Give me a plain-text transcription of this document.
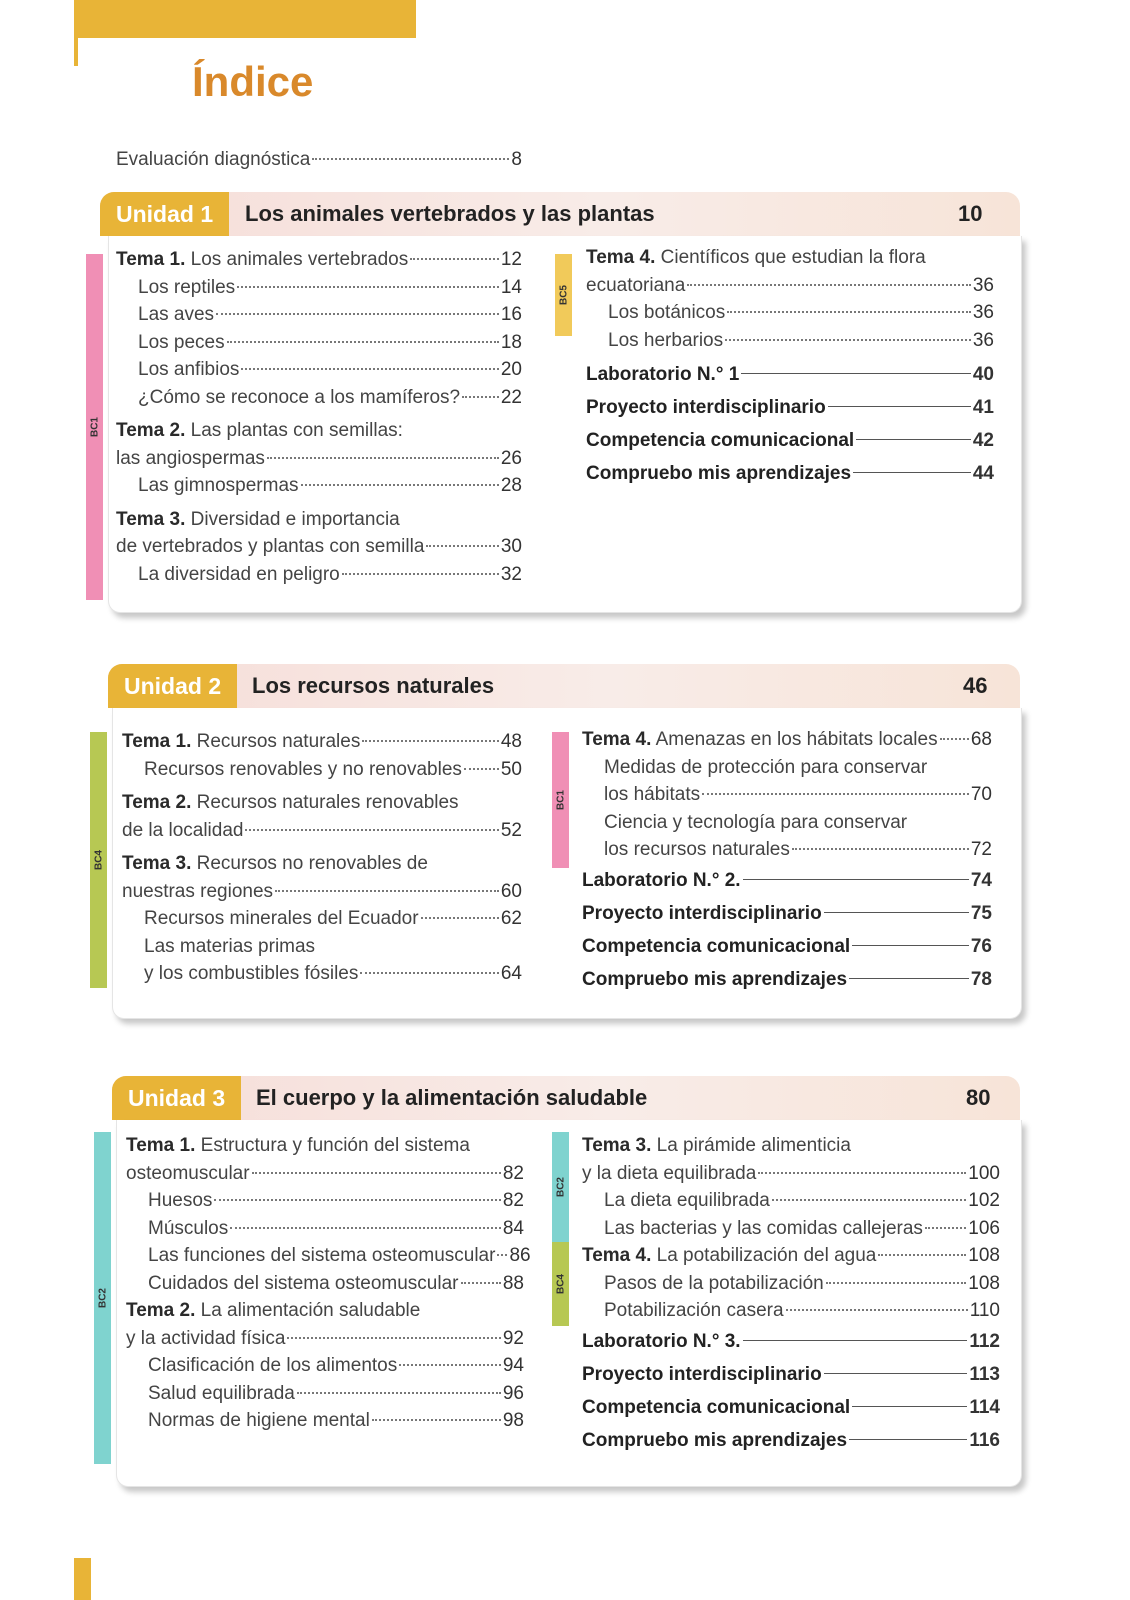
Índice
Evaluación diagnóstica	8
Unidad 1	Los animales vertebrados y las plantas	10
BC1
BC5
Tema 1. Los animales vertebrados	12
Los reptiles	14
Las aves	16
Los peces	18
Los anfibios	20
¿Cómo se reconoce a los mamíferos? 22
Tema 2. Las plantas con semillas:
las angiospermas	26
Las gimnospermas	28
Tema 3. Diversidad e importancia
de vertebrados y plantas con semilla	30
La diversidad en peligro	32
Tema 4. Científicos que estudian la flora
ecuatoriana	36
Los botánicos	36
Los herbarios	36
Laboratorio N.° 1	40
Proyecto interdisciplinario	41
Competencia comunicacional	42
Compruebo mis aprendizajes	44
Unidad 2	Los recursos naturales	46
BC4
BC1
Tema 1. Recursos naturales	48
Recursos renovables y no renovables 50
Tema 2. Recursos naturales renovables
de la localidad	52
Tema 3. Recursos no renovables de
nuestras regiones	60
Recursos minerales del Ecuador	62
Las materias primas
y los combustibles fósiles	64
Tema 4. Amenazas en los hábitats locales 68
Medidas de protección para conservar
los hábitats	70
Ciencia y tecnología para conservar
los recursos naturales	72
Laboratorio N.° 2.	74
Proyecto interdisciplinario	75
Competencia comunicacional	76
Compruebo mis aprendizajes	78
Unidad 3	El cuerpo y la alimentación saludable	80
BC2
BC2
BC4
Tema 1. Estructura y función del sistema
osteomuscular	82
Huesos	82
Músculos	84
Las funciones del sistema osteomuscular 86
Cuidados del sistema osteomuscular 88
Tema 2. La alimentación saludable
y la actividad física	92
Clasificación de los alimentos	94
Salud equilibrada	96
Normas de higiene mental	98
Tema 3. La pirámide alimenticia
y la dieta equilibrada	100
La dieta equilibrada	102
Las bacterias y las comidas callejeras 106
Tema 4. La potabilización del agua	108
Pasos de la potabilización	108
Potabilización casera	110
Laboratorio N.° 3.	112
Proyecto interdisciplinario	113
Competencia comunicacional	114
Compruebo mis aprendizajes	116
